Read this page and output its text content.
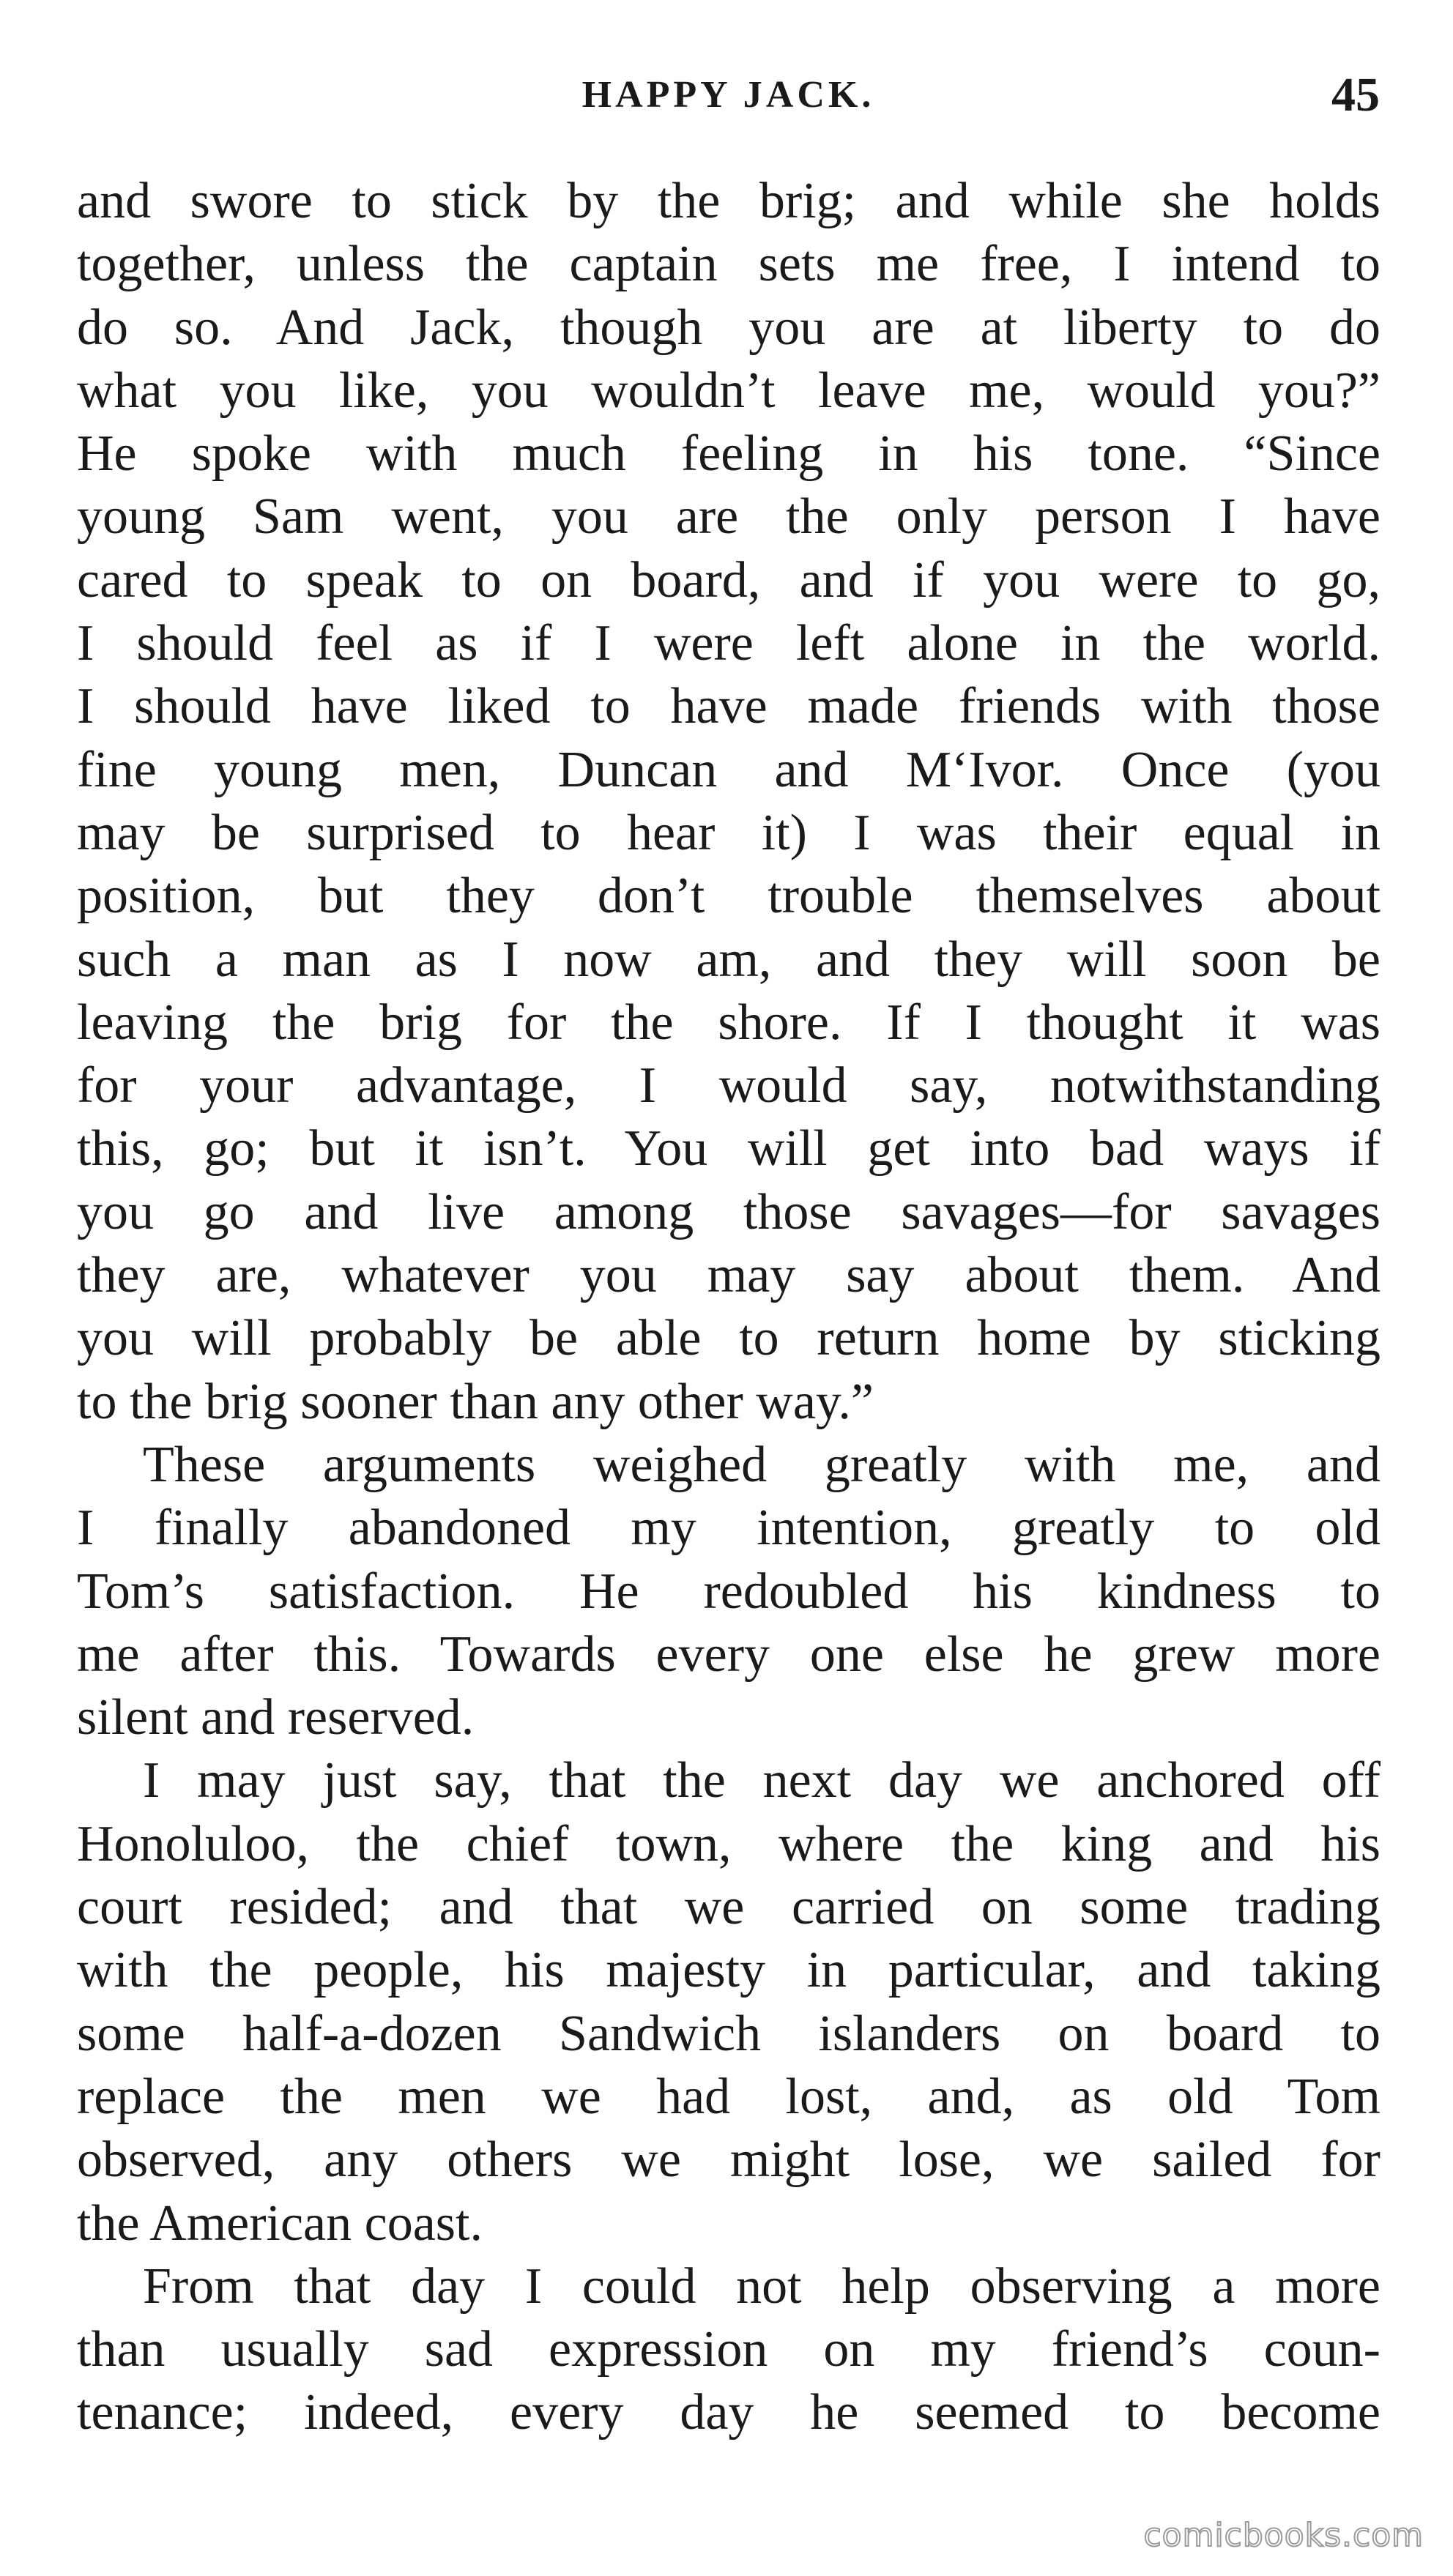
HAPPY JACK.	45
and swore to stick by the brig; and while she holds
together, unless the captain sets me free, I intend to
do so. And Jack, though you are at liberty to do
what you like, you wouldn’t leave me, would you?”
He spoke with much feeling in his tone. “Since
young Sam went, you are the only person I have
cared to speak to on board, and if you were to go,
I should feel as if I were left alone in the world.
I should have liked to have made friends with those
fine young men, Duncan and M‘Ivor. Once (you
may be surprised to hear it) I was their equal in
position, but they don’t trouble themselves about
such a man as I now am, and they will soon be
leaving the brig for the shore. If I thought it was
for your advantage, I would say, notwithstanding
this, go; but it isn’t. You will get into bad ways if
you go and live among those savages—for savages
they are, whatever you may say about them. And
you will probably be able to return home by sticking
to the brig sooner than any other way.”
These arguments weighed greatly with me, and
I finally abandoned my intention, greatly to old
Tom’s satisfaction. He redoubled his kindness to
me after this. Towards every one else he grew more
silent and reserved.
I may just say, that the next day we anchored off
Honoluloo, the chief town, where the king and his
court resided; and that we carried on some trading
with the people, his majesty in particular, and taking
some half-a-dozen Sandwich islanders on board to
replace the men we had lost, and, as old Tom
observed, any others we might lose, we sailed for
the American coast.
From that day I could not help observing a more
than usually sad expression on my friend’s coun-
tenance; indeed, every day he seemed to become
comicbooks.com
